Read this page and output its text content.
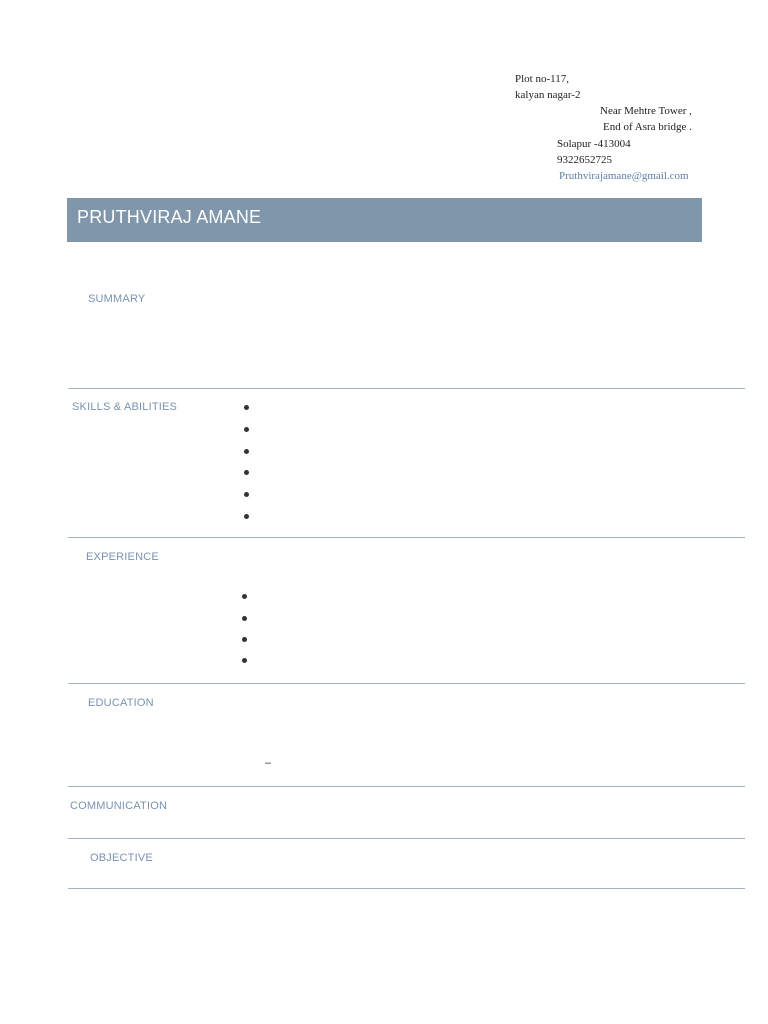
Plot no-117,
kalyan nagar-2
Near Mehtre Tower ,
End of Asra bridge .
Solapur -413004
9322652725
Pruthvirajamane@gmail.com
PRUTHVIRAJ AMANE
SUMMARY
SKILLS & ABILITIES
EXPERIENCE
EDUCATION
–
COMMUNICATION
OBJECTIVE
